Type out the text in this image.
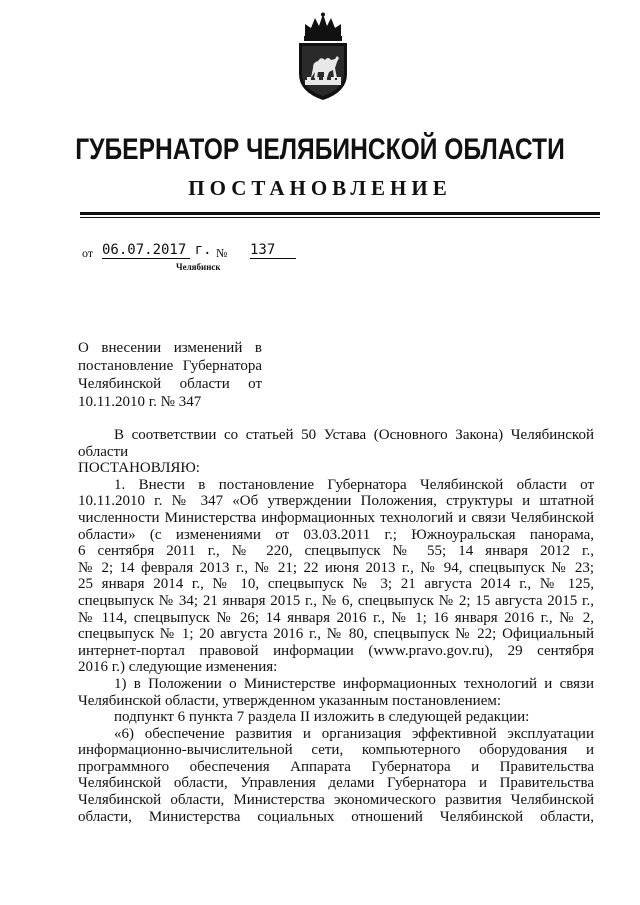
ГУБЕРНАТОР ЧЕЛЯБИНСКОЙ ОБЛАСТИ
ПОСТАНОВЛЕНИЕ
от 06.07.2017 г. № 137
Челябинск
О внесении изменений в
постановление Губернатора
Челябинской области от
10.11.2010 г. № 347
В соответствии со статьей 50 Устава (Основного Закона) Челябинской
области
ПОСТАНОВЛЯЮ:
1. Внести в постановление Губернатора Челябинской области от
10.11.2010 г. № 347 «Об утверждении Положения, структуры и штатной
численности Министерства информационных технологий и связи Челябинской
области» (с изменениями от 03.03.2011 г.; Южноуральская панорама,
6 сентября 2011 г., № 220, спецвыпуск № 55; 14 января 2012 г.,
№ 2; 14 февраля 2013 г., № 21; 22 июня 2013 г., № 94, спецвыпуск № 23;
25 января 2014 г., № 10, спецвыпуск № 3; 21 августа 2014 г., № 125,
спецвыпуск № 34; 21 января 2015 г., № 6, спецвыпуск № 2; 15 августа 2015 г.,
№ 114, спецвыпуск № 26; 14 января 2016 г., № 1; 16 января 2016 г., № 2,
спецвыпуск № 1; 20 августа 2016 г., № 80, спецвыпуск № 22; Официальный
интернет-портал правовой информации (www.pravo.gov.ru), 29 сентября
2016 г.) следующие изменения:
1) в Положении о Министерстве информационных технологий и связи
Челябинской области, утвержденном указанным постановлением:
подпункт 6 пункта 7 раздела II изложить в следующей редакции:
«6) обеспечение развития и организация эффективной эксплуатации
информационно-вычислительной сети, компьютерного оборудования и
программного обеспечения Аппарата Губернатора и Правительства
Челябинской области, Управления делами Губернатора и Правительства
Челябинской области, Министерства экономического развития Челябинской
области, Министерства социальных отношений Челябинской области,
